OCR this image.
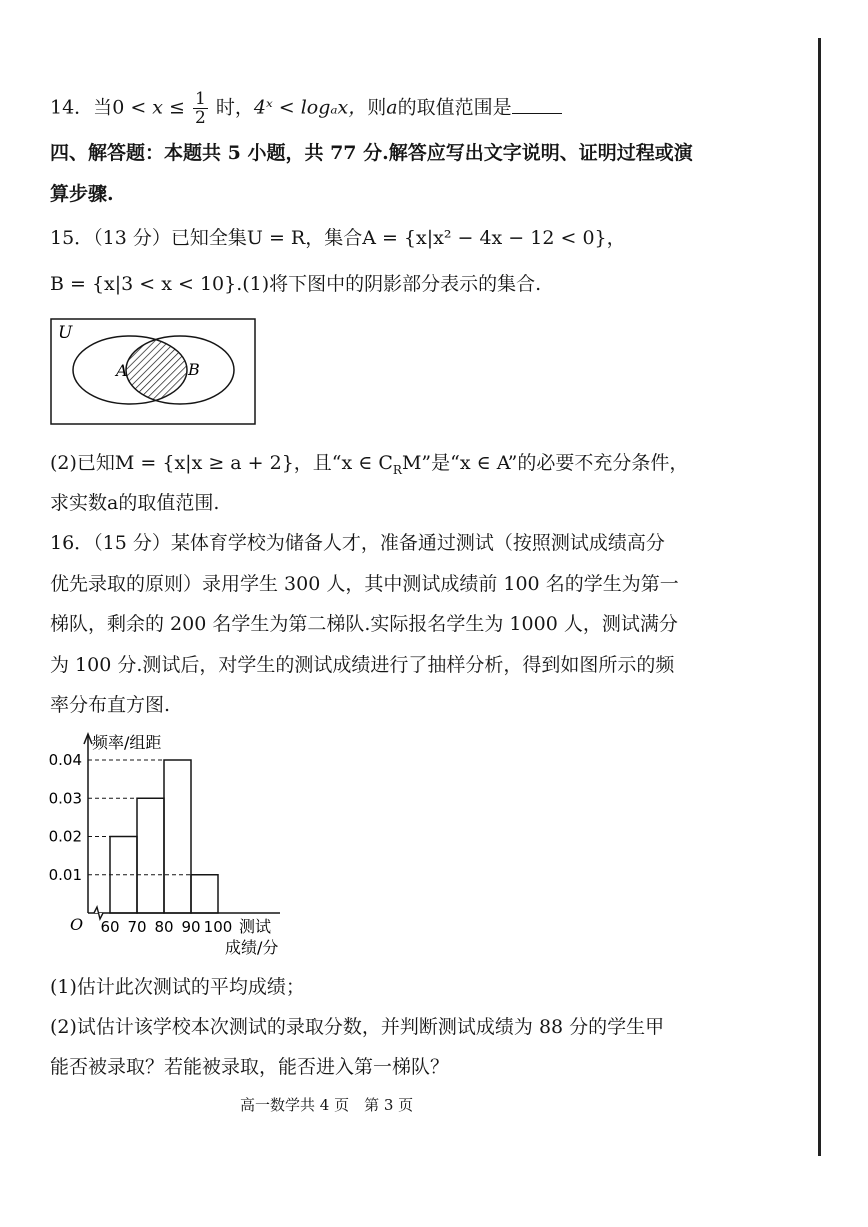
14．当$0 < x \le \frac{1}{2}$ 时，4ˣ < logₐx，则a的取值范围是
四、解答题：本题共 5 小题，共 77 分.解答应写出文字说明、证明过程或演
算步骤.
15．（13 分）已知全集U = R，集合A = {x|x² − 4x − 12 < 0}，
B = {x|3 < x < 10}.(1)将下图中的阴影部分表示的集合.
U
A	B
(2)已知M = {x|x ≥ a + 2}，且“x ∈ $C_RM$”是“x ∈ A”的必要不充分条件，
求实数a的取值范围.
16．（15 分）某体育学校为储备人才，准备通过测试（按照测试成绩高分
优先录取的原则）录用学生 300 人，其中测试成绩前 100 名的学生为第一
梯队，剩余的 200 名学生为第二梯队.实际报名学生为 1000 人，测试满分
为 100 分.测试后，对学生的测试成绩进行了抽样分析，得到如图所示的频
率分布直方图.
0.01
0.02
0.03
0.04
60 70 80 90 100
O
频率/组距
测试
成绩/分
(1)估计此次测试的平均成绩；
(2)试估计该学校本次测试的录取分数，并判断测试成绩为 88 分的学生甲
能否被录取？若能被录取，能否进入第一梯队？
高一数学共 4 页　第 3 页
